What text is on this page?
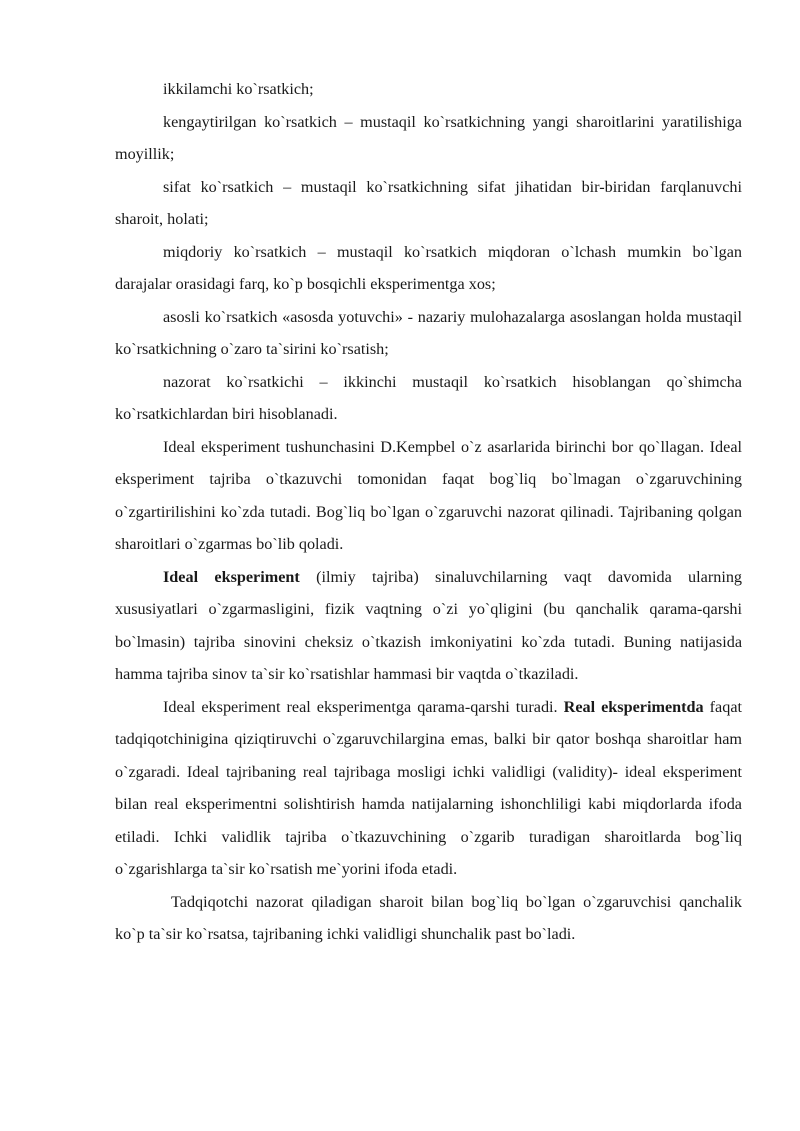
ikkilamchi ko`rsatkich;

kengaytirilgan ko`rsatkich – mustaqil ko`rsatkichning yangi sharoitlarini yaratilishiga moyillik;

sifat ko`rsatkich – mustaqil ko`rsatkichning sifat jihatidan bir-biridan farqlanuvchi sharoit, holati;

miqdoriy ko`rsatkich – mustaqil ko`rsatkich miqdoran o`lchash mumkin bo`lgan darajalar orasidagi farq, ko`p bosqichli eksperimentga xos;

asosli ko`rsatkich «asosda yotuvchi» - nazariy mulohazalarga asoslangan holda mustaqil ko`rsatkichning o`zaro ta`sirini ko`rsatish;

nazorat ko`rsatkichi – ikkinchi mustaqil ko`rsatkich hisoblangan qo`shimcha ko`rsatkichlardan biri hisoblanadi.

Ideal eksperiment tushunchasini D.Kempbel o`z asarlarida birinchi bor qo`llagan. Ideal eksperiment tajriba o`tkazuvchi tomonidan faqat bog`liq bo`lmagan o`zgaruvchining o`zgartirilishini ko`zda tutadi. Bog`liq bo`lgan o`zgaruvchi nazorat qilinadi. Tajribaning qolgan sharoitlari o`zgarmas bo`lib qoladi.

Ideal eksperiment (ilmiy tajriba) sinaluvchilarning vaqt davomida ularning xususiyatlari o`zgarmasligini, fizik vaqtning o`zi yo`qligini (bu qanchalik qarama-qarshi bo`lmasin) tajriba sinovini cheksiz o`tkazish imkoniyatini ko`zda tutadi. Buning natijasida hamma tajriba sinov ta`sir ko`rsatishlar hammasi bir vaqtda o`tkaziladi.

Ideal eksperiment real eksperimentga qarama-qarshi turadi. Real eksperimentda faqat tadqiqotchinigina qiziqtiruvchi o`zgaruvchilargina emas, balki bir qator boshqa sharoitlar ham o`zgaradi. Ideal tajribaning real tajribaga mosligi ichki validligi (validity)- ideal eksperiment bilan real eksperimentni solishtirish hamda natijalarning ishonchliligi kabi miqdorlarda ifoda etiladi. Ichki validlik tajriba o`tkazuvchining o`zgarib turadigan sharoitlarda bog`liq o`zgarishlarga ta`sir ko`rsatish me`yorini ifoda etadi.

Tadqiqotchi nazorat qiladigan sharoit bilan bog`liq bo`lgan o`zgaruvchisi qanchalik ko`p ta`sir ko`rsatsa, tajribaning ichki validligi shunchalik past bo`ladi.
